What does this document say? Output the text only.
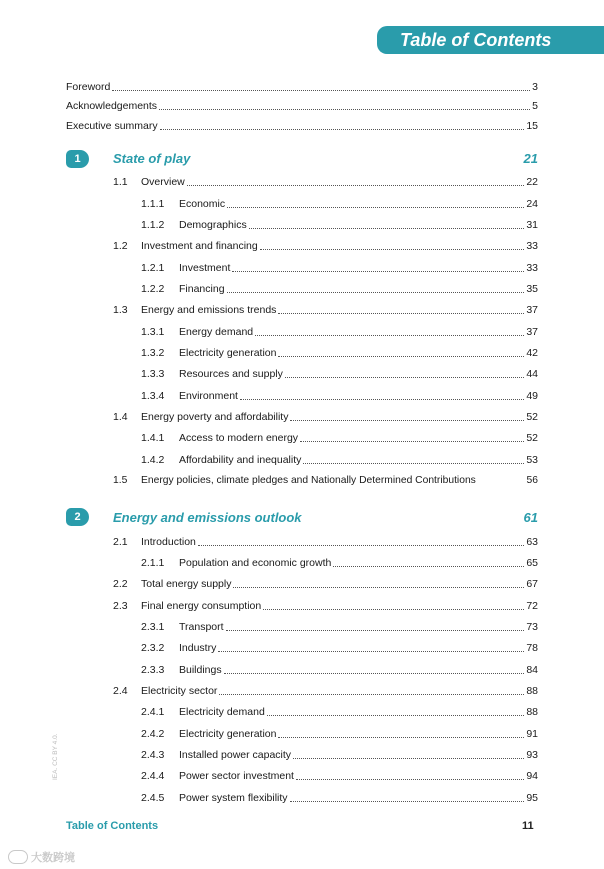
Table of Contents
Foreword	3
Acknowledgements	5
Executive summary	15
1	State of play	21
1.1	Overview	22
1.1.1	Economic	24
1.1.2	Demographics	31
1.2	Investment and financing	33
1.2.1	Investment	33
1.2.2	Financing	35
1.3	Energy and emissions trends	37
1.3.1	Energy demand	37
1.3.2	Electricity generation	42
1.3.3	Resources and supply	44
1.3.4	Environment	49
1.4	Energy poverty and affordability	52
1.4.1	Access to modern energy	52
1.4.2	Affordability and inequality	53
1.5	Energy policies, climate pledges and Nationally Determined Contributions	56
2	Energy and emissions outlook	61
2.1	Introduction	63
2.1.1	Population and economic growth	65
2.2	Total energy supply	67
2.3	Final energy consumption	72
2.3.1	Transport	73
2.3.2	Industry	78
2.3.3	Buildings	84
2.4	Electricity sector	88
2.4.1	Electricity demand	88
2.4.2	Electricity generation	91
2.4.3	Installed power capacity	93
2.4.4	Power sector investment	94
2.4.5	Power system flexibility	95
IEA. CC BY 4.0.
Table of Contents	11
大数跨境
